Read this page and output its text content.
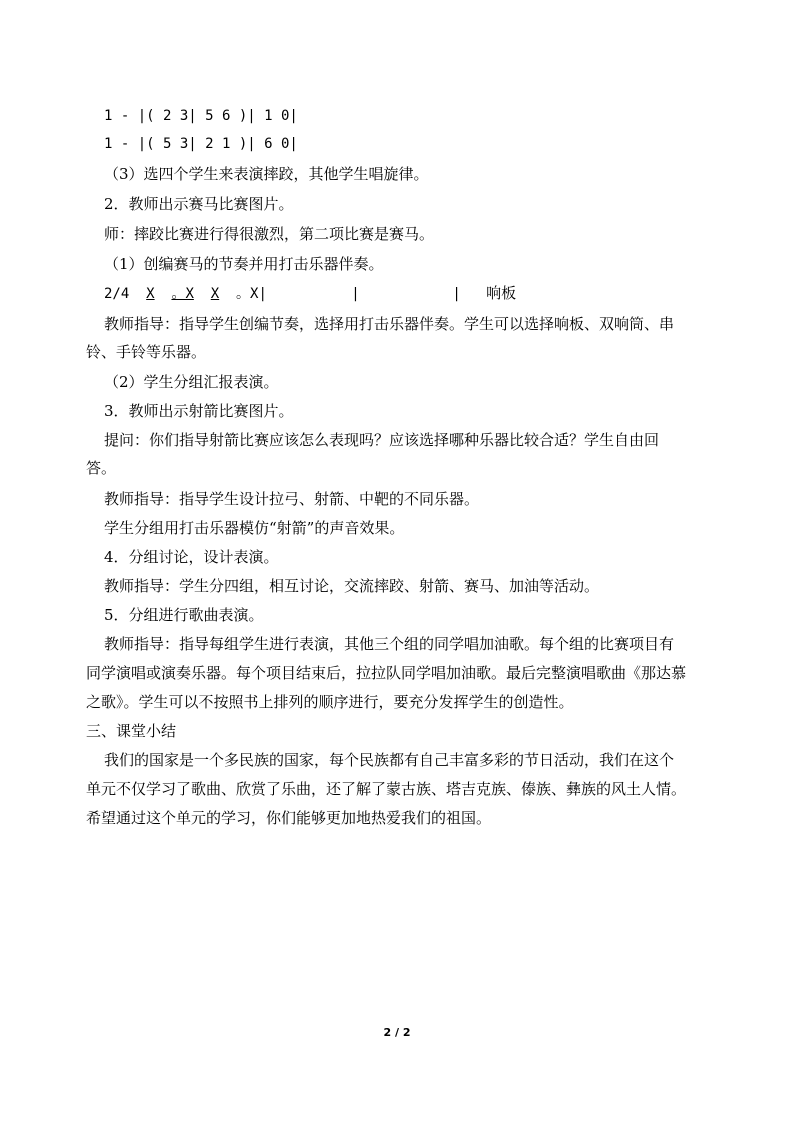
1 - |( 2 3| 5 6 )| 1 0|
1 - |( 5 3| 2 1 )| 6 0|
（3）选四个学生来表演摔跤，其他学生唱旋律。
2．教师出示赛马比赛图片。
师：摔跤比赛进行得很激烈，第二项比赛是赛马。
（1）创编赛马的节奏并用打击乐器伴奏。
2/4 X 。X X 。X|          |           | 响板
教师指导：指导学生创编节奏，选择用打击乐器伴奏。学生可以选择响板、双响筒、串
铃、手铃等乐器。
（2）学生分组汇报表演。
3．教师出示射箭比赛图片。
提问：你们指导射箭比赛应该怎么表现吗？应该选择哪种乐器比较合适？学生自由回
答。
教师指导：指导学生设计拉弓、射箭、中靶的不同乐器。
学生分组用打击乐器模仿“射箭”的声音效果。
4．分组讨论，设计表演。
教师指导：学生分四组，相互讨论，交流摔跤、射箭、赛马、加油等活动。
5．分组进行歌曲表演。
教师指导：指导每组学生进行表演，其他三个组的同学唱加油歌。每个组的比赛项目有
同学演唱或演奏乐器。每个项目结束后，拉拉队同学唱加油歌。最后完整演唱歌曲《那达慕
之歌》。学生可以不按照书上排列的顺序进行，要充分发挥学生的创造性。
三、课堂小结
我们的国家是一个多民族的国家，每个民族都有自己丰富多彩的节日活动，我们在这个
单元不仅学习了歌曲、欣赏了乐曲，还了解了蒙古族、塔吉克族、傣族、彝族的风土人情。
希望通过这个单元的学习，你们能够更加地热爱我们的祖国。
2 / 2
